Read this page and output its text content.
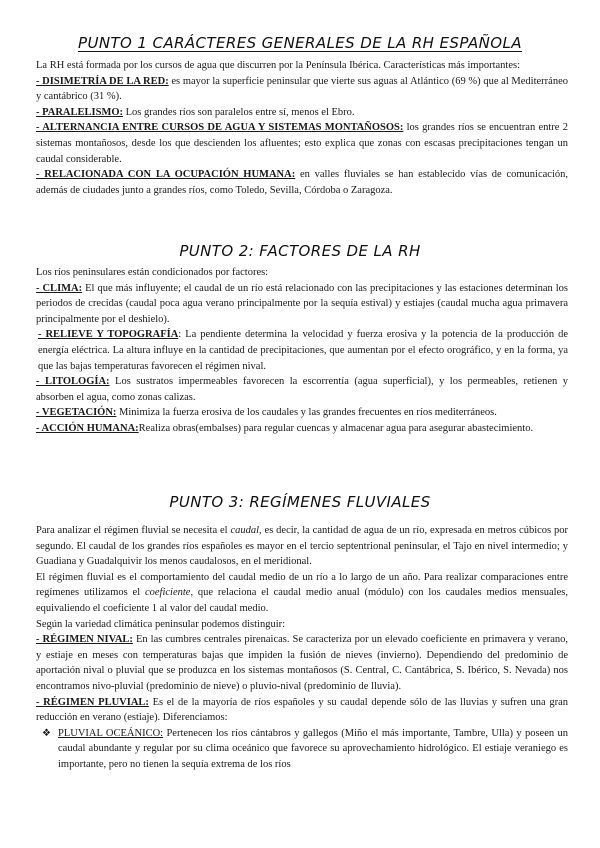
PUNTO 1 CARÁCTERES GENERALES DE LA RH ESPAÑOLA

La RH está formada por los cursos de agua que discurren por la Península Ibérica. Características más importantes:

- DISIMETRÍA DE LA RED: es mayor la superficie peninsular que vierte sus aguas al Atlántico (69 %) que al Mediterráneo y cantábrico (31 %).

- PARALELISMO: Los grandes ríos son paralelos entre sí, menos el Ebro.

- ALTERNANCIA ENTRE CURSOS DE AGUA Y SISTEMAS MONTAÑOSOS: los grandes ríos se encuentran entre 2 sistemas montañosos, desde los que descienden los afluentes; esto explica que zonas con escasas precipitaciones tengan un caudal considerable.

- RELACIONADA CON LA OCUPACIÓN HUMANA: en valles fluviales se han establecido vías de comunicación, además de ciudades junto a grandes ríos, como Toledo, Sevilla, Córdoba o Zaragoza.

PUNTO 2: FACTORES DE LA RH

Los ríos peninsulares están condicionados por factores:

- CLIMA: El que más influyente; el caudal de un río está relacionado con las precipitaciones y las estaciones determinan los periodos de crecidas (caudal poca agua verano principalmente por la sequía estival) y estiajes (caudal mucha agua primavera principalmente por el deshielo).

- RELIEVE Y TOPOGRAFÍA: La pendiente determina la velocidad y fuerza erosiva y la potencia de la producción de energía eléctrica. La altura influye en la cantidad de precipitaciones, que aumentan por el efecto orográfico, y en la forma, ya que las bajas temperaturas favorecen el régimen nival.

- LITOLOGÍA: Los sustratos impermeables favorecen la escorrentía (agua superficial), y los permeables, retienen y absorben el agua, como zonas calizas.

- VEGETACIÓN: Minimiza la fuerza erosiva de los caudales y las grandes frecuentes en ríos mediterráneos.

- ACCIÓN HUMANA:Realiza obras(embalses) para regular cuencas y almacenar agua para asegurar abastecimiento.

PUNTO 3: REGÍMENES FLUVIALES

Para analizar el régimen fluvial se necesita el caudal, es decir, la cantidad de agua de un río, expresada en metros cúbicos por segundo. El caudal de los grandes ríos españoles es mayor en el tercio septentrional peninsular, el Tajo en nivel intermedio; y Guadiana y Guadalquivir los menos caudalosos, en el meridional.

El régimen fluvial es el comportamiento del caudal medio de un río a lo largo de un año. Para realizar comparaciones entre regímenes utilizamos el coeficiente, que relaciona el caudal medio anual (módulo) con los caudales medios mensuales, equivaliendo el coeficiente 1 al valor del caudal medio.

Según la variedad climática peninsular podemos distinguir:

- RÉGIMEN NIVAL: En las cumbres centrales pirenaicas. Se caracteriza por un elevado coeficiente en primavera y verano, y estiaje en meses con temperaturas bajas que impiden la fusión de nieves (invierno). Dependiendo del predominio de aportación nival o pluvial que se produzca en los sistemas montañosos (S. Central, C. Cantábrica, S. Ibérico, S. Nevada) nos encontramos nivo-pluvial (predominio de nieve) o pluvio-nival (predominio de lluvia).

- RÉGIMEN PLUVIAL: Es el de la mayoría de ríos españoles y su caudal depende sólo de las lluvias y sufren una gran reducción en verano (estiaje). Diferenciamos:

❖ PLUVIAL OCEÁNICO: Pertenecen los ríos cántabros y gallegos (Miño el más importante, Tambre, Ulla) y poseen un caudal abundante y regular por su clima oceánico que favorece su aprovechamiento hidrológico. El estiaje veraniego es importante, pero no tienen la sequía extrema de los ríos
